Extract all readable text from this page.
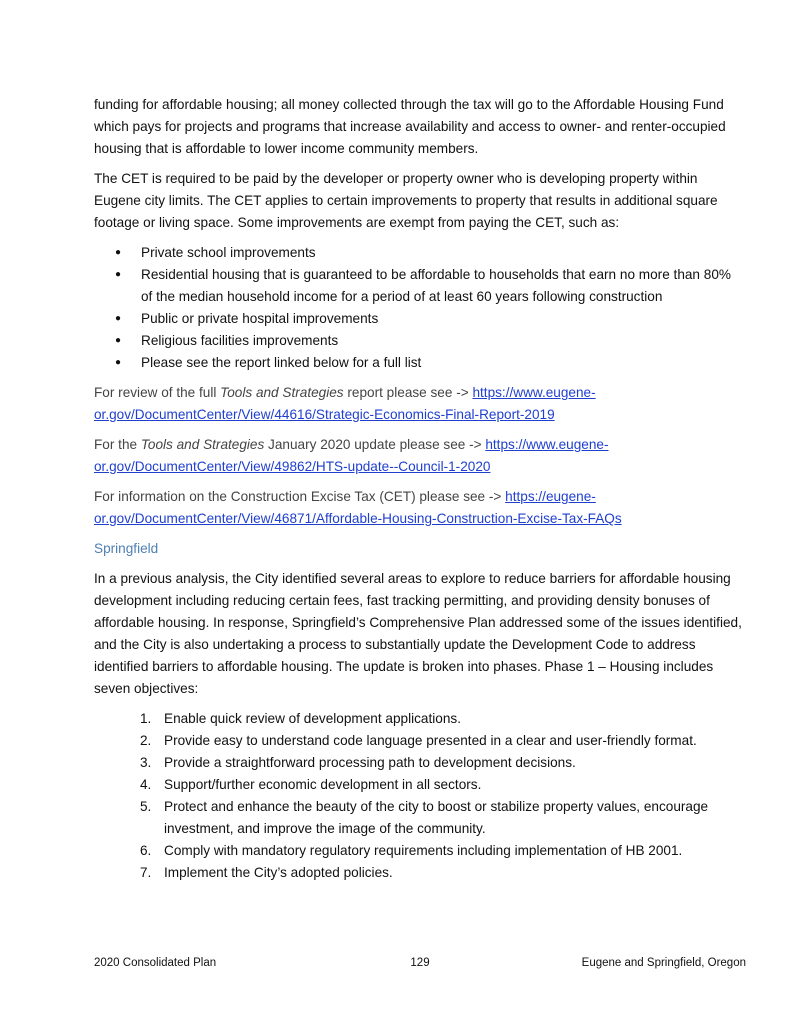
funding for affordable housing; all money collected through the tax will go to the Affordable Housing Fund which pays for projects and programs that increase availability and access to owner- and renter-occupied housing that is affordable to lower income community members.

The CET is required to be paid by the developer or property owner who is developing property within Eugene city limits. The CET applies to certain improvements to property that results in additional square footage or living space. Some improvements are exempt from paying the CET, such as:

● Private school improvements
● Residential housing that is guaranteed to be affordable to households that earn no more than 80% of the median household income for a period of at least 60 years following construction
● Public or private hospital improvements
● Religious facilities improvements
● Please see the report linked below for a full list

For review of the full Tools and Strategies report please see -> https://www.eugene-or.gov/DocumentCenter/View/44616/Strategic-Economics-Final-Report-2019

For the Tools and Strategies January 2020 update please see -> https://www.eugene-or.gov/DocumentCenter/View/49862/HTS-update--Council-1-2020

For information on the Construction Excise Tax (CET) please see -> https://eugene-or.gov/DocumentCenter/View/46871/Affordable-Housing-Construction-Excise-Tax-FAQs

Springfield

In a previous analysis, the City identified several areas to explore to reduce barriers for affordable housing development including reducing certain fees, fast tracking permitting, and providing density bonuses of affordable housing. In response, Springfield’s Comprehensive Plan addressed some of the issues identified, and the City is also undertaking a process to substantially update the Development Code to address identified barriers to affordable housing. The update is broken into phases. Phase 1 – Housing includes seven objectives:

1. Enable quick review of development applications.
2. Provide easy to understand code language presented in a clear and user-friendly format.
3. Provide a straightforward processing path to development decisions.
4. Support/further economic development in all sectors.
5. Protect and enhance the beauty of the city to boost or stabilize property values, encourage investment, and improve the image of the community.
6. Comply with mandatory regulatory requirements including implementation of HB 2001.
7. Implement the City’s adopted policies.
2020 Consolidated Plan	129	Eugene and Springfield, Oregon
